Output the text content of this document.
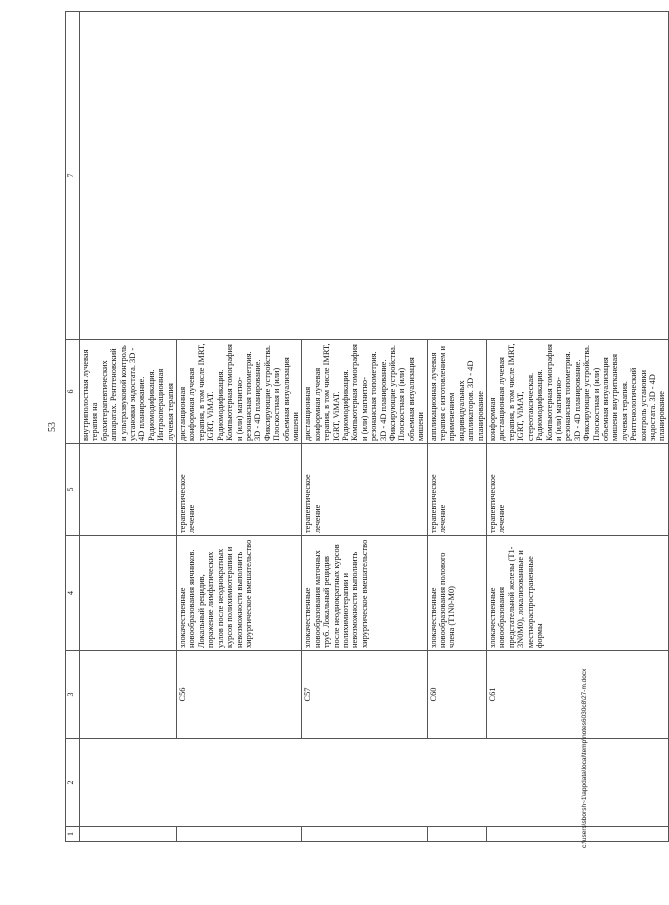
53
1	2	3	4	5	6	7
					внутриполостная лучевая терапия на брахитерапевтических аппаратах. Рентгеновский и ультразвуковой контроль установки эндостата. 3D - 4D планирование. Радиомодификация. Интраоперационная лучевая терапия	
		C56	злокачественные новообразования яичников. Локальный рецидив, поражение лимфатических узлов после неоднократных курсов полихимиотерапии и невозможности выполнить хирургическое вмешательство	терапевтическое лечение	дистанционная конформная лучевая терапия, в том числе IMRT, IGRT, ViMAT. Радиомодификация. Компьютерная томография и (или) магнитно-резонансная топометрия. 3D - 4D планирование. Фиксирующие устройства. Плоскостная и (или) объемная визуализация мишени	
		C57	злокачественные новообразования маточных труб. Локальный рецидив после неоднократных курсов полихимиотерапии и невозможности выполнить хирургическое вмешательство	терапевтическое лечение	дистанционная конформная лучевая терапия, в том числе IMRT, IGRT, ViMAT. Радиомодификация. Компьютерная томография и (или) магнитно-резонансная топометрия. 3D - 4D планирование. Фиксирующие устройства. Плоскостная и (или) объемная визуализация мишени	
		C60	злокачественные новообразования полового члена (T1N0-M0)	терапевтическое лечение	аппликационная лучевая терапия с изготовлением и применением индивидуальных аппликаторов. 3D - 4D планирование	
		C61	злокачественные новообразования предстательной железы (T1-3N0M0), локализованные и местнораспространенные формы	терапевтическое лечение	конформная дистанционная лучевая терапия, в том числе IMRT, IGRT, ViMAT, стереотаксическая. Радиомодификация. Компьютерная томография и (или) магнитно-резонансная топометрия. 3D - 4D планирование. Фиксирующие устройства. Плоскостная и (или) объемная визуализация мишени внутритканевая лучевая терапия. Рентгенологический контроль установки эндостата. 3D - 4D планирование	
c:\users\sborsh~1\appdata\local\temp\notes6030c8\27-m.docx
